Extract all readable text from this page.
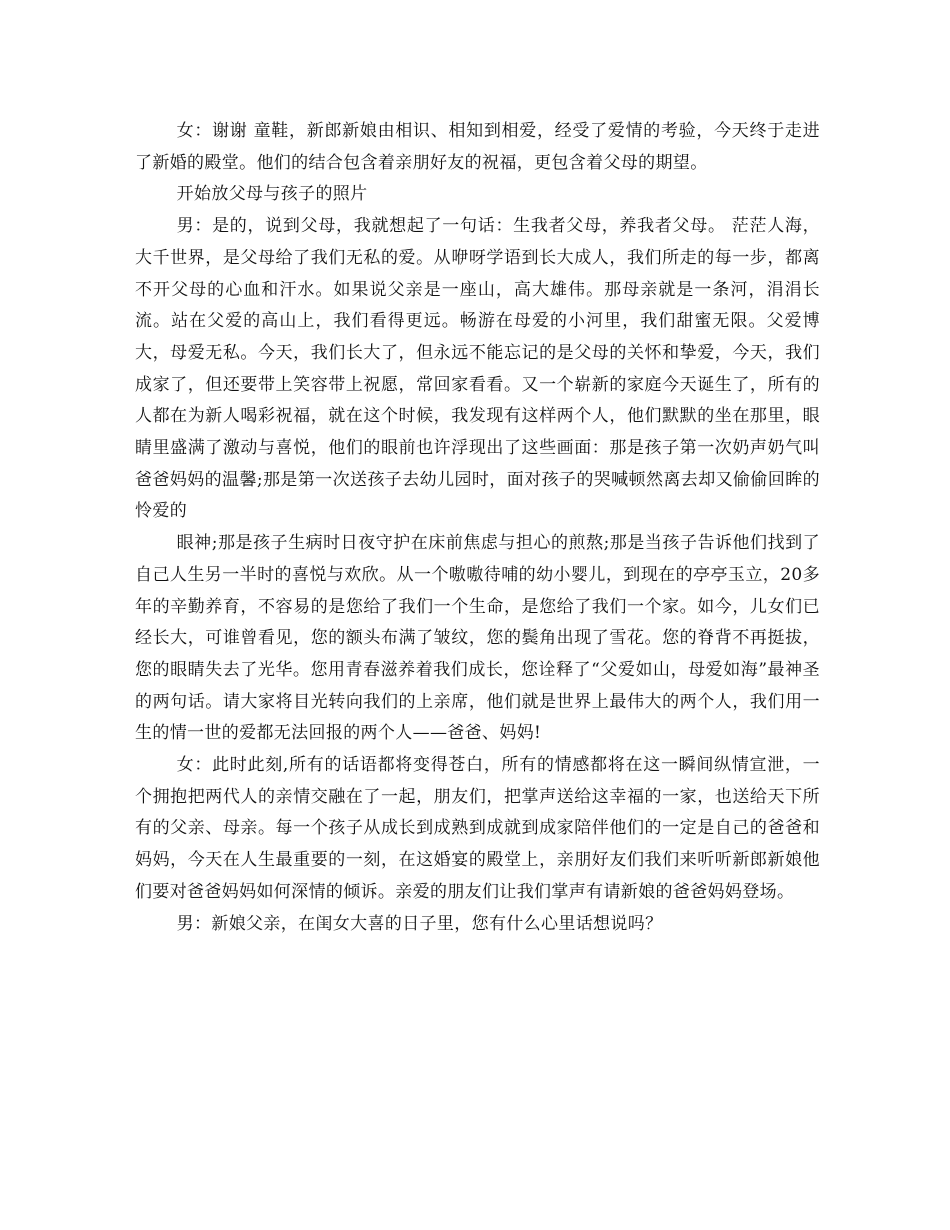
女：谢谢 童鞋，新郎新娘由相识、相知到相爱，经受了爱情的考验，今天终于走进了新婚的殿堂。他们的结合包含着亲朋好友的祝福，更包含着父母的期望。

开始放父母与孩子的照片

男：是的，说到父母，我就想起了一句话：生我者父母，养我者父母。 茫茫人海，大千世界，是父母给了我们无私的爱。从咿呀学语到长大成人，我们所走的每一步，都离不开父母的心血和汗水。如果说父亲是一座山，高大雄伟。那母亲就是一条河，涓涓长流。站在父爱的高山上，我们看得更远。畅游在母爱的小河里，我们甜蜜无限。父爱博大，母爱无私。今天，我们长大了，但永远不能忘记的是父母的关怀和挚爱，今天，我们成家了，但还要带上笑容带上祝愿，常回家看看。又一个崭新的家庭今天诞生了，所有的人都在为新人喝彩祝福，就在这个时候，我发现有这样两个人，他们默默的坐在那里，眼睛里盛满了激动与喜悦，他们的眼前也许浮现出了这些画面：那是孩子第一次奶声奶气叫爸爸妈妈的温馨;那是第一次送孩子去幼儿园时，面对孩子的哭喊顿然离去却又偷偷回眸的怜爱的

眼神;那是孩子生病时日夜守护在床前焦虑与担心的煎熬;那是当孩子告诉他们找到了自己人生另一半时的喜悦与欢欣。从一个嗷嗷待哺的幼小婴儿，到现在的亭亭玉立，20多年的辛勤养育，不容易的是您给了我们一个生命，是您给了我们一个家。如今，儿女们已经长大，可谁曾看见，您的额头布满了皱纹，您的鬓角出现了雪花。您的脊背不再挺拔，您的眼睛失去了光华。您用青春滋养着我们成长，您诠释了“父爱如山，母爱如海”最神圣的两句话。请大家将目光转向我们的上亲席，他们就是世界上最伟大的两个人，我们用一生的情一世的爱都无法回报的两个人——爸爸、妈妈!

女：此时此刻,所有的话语都将变得苍白，所有的情感都将在这一瞬间纵情宣泄，一个拥抱把两代人的亲情交融在了一起，朋友们，把掌声送给这幸福的一家，也送给天下所有的父亲、母亲。每一个孩子从成长到成熟到成就到成家陪伴他们的一定是自己的爸爸和妈妈，今天在人生最重要的一刻，在这婚宴的殿堂上，亲朋好友们我们来听听新郎新娘他们要对爸爸妈妈如何深情的倾诉。亲爱的朋友们让我们掌声有请新娘的爸爸妈妈登场。

男：新娘父亲，在闺女大喜的日子里，您有什么心里话想说吗？
